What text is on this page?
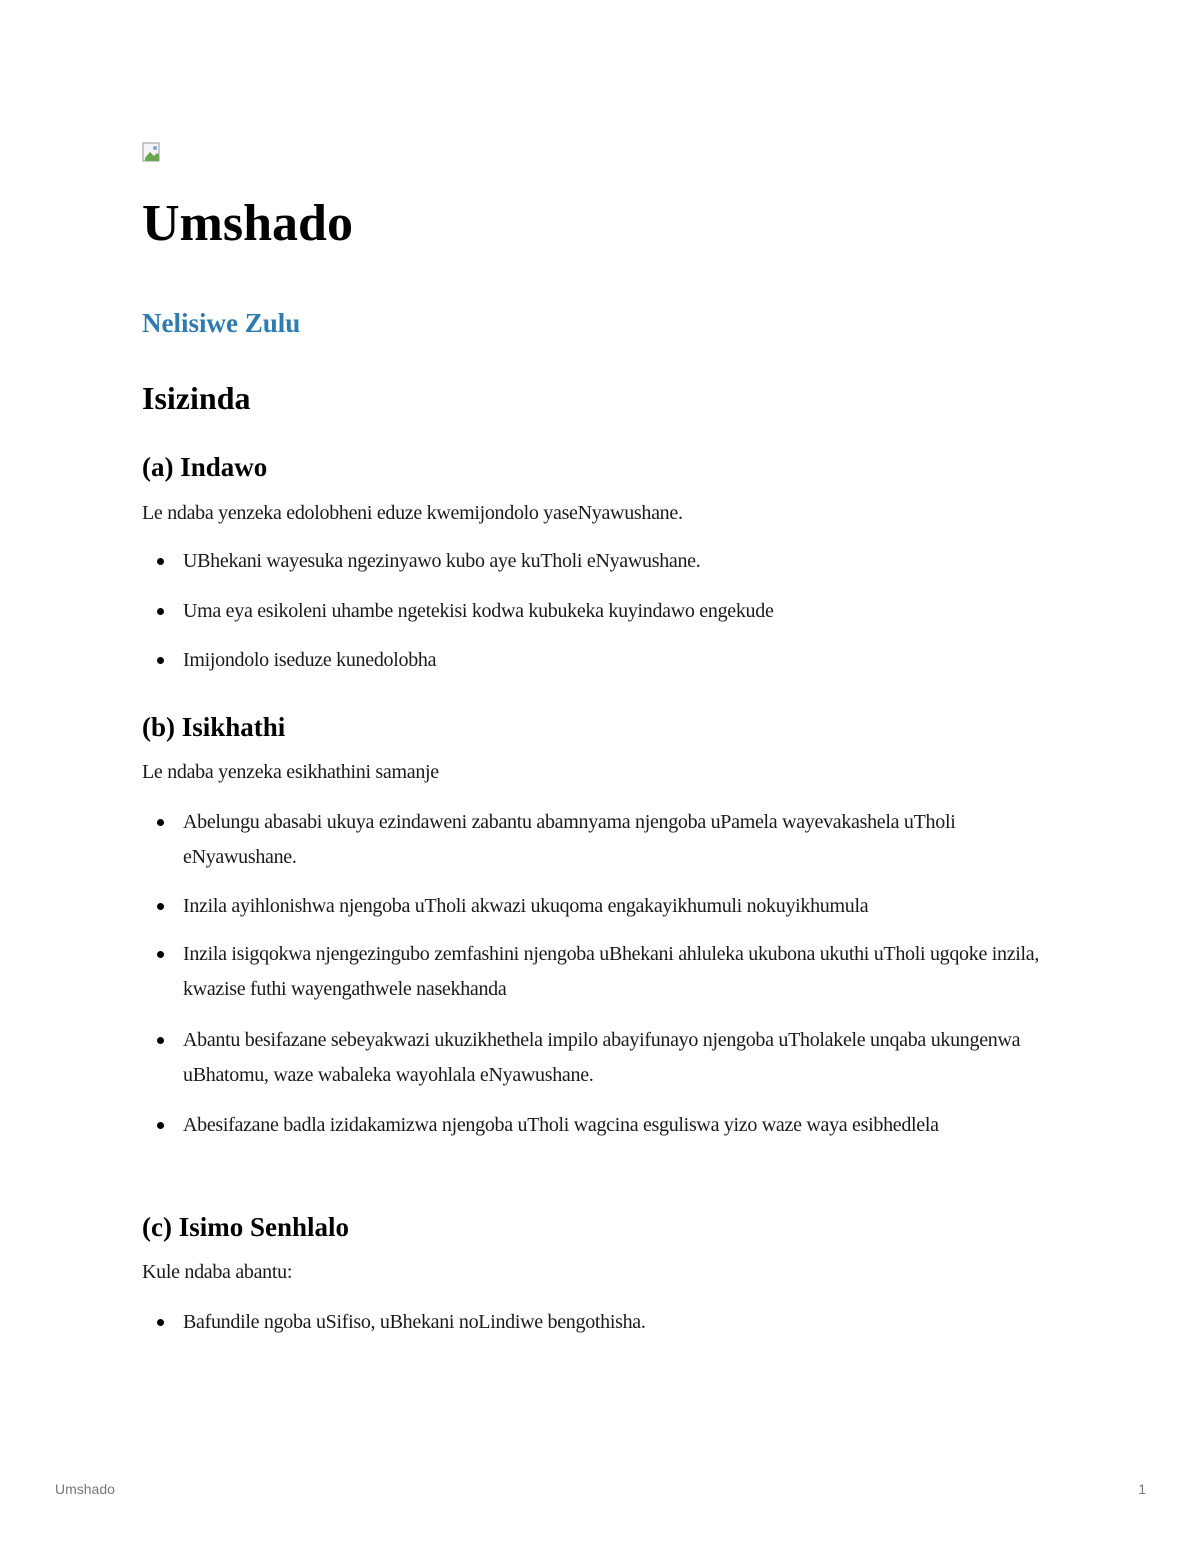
Umshado
Nelisiwe Zulu
Isizinda
(a) Indawo

Le ndaba yenzeka edolobheni eduze kwemijondolo yaseNyawushane.

UBhekani wayesuka ngezinyawo kubo aye kuTholi eNyawushane.

Uma eya esikoleni uhambe ngetekisi kodwa kubukeka kuyindawo engekude

Imijondolo iseduze kunedolobha

(b) Isikhathi

Le ndaba yenzeka esikhathini samanje

Abelungu abasabi ukuya ezindaweni zabantu abamnyama njengoba uPamela wayevakashela uTholi eNyawushane.

Inzila ayihlonishwa njengoba uTholi akwazi ukuqoma engakayikhumuli nokuyikhumula

Inzila isigqokwa njengezingubo zemfashini njengoba uBhekani ahluleka ukubona ukuthi uTholi ugqoke inzila, kwazise futhi wayengathwele nasekhanda

Abantu besifazane sebeyakwazi ukuzikhethela impilo abayifunayo njengoba uTholakele unqaba ukungenwa uBhatomu, waze wabaleka wayohlala eNyawushane.

Abesifazane badla izidakamizwa njengoba uTholi wagcina esguliswa yizo waze waya esibhedlela

(c) Isimo Senhlalo

Kule ndaba abantu:

Bafundile ngoba uSifiso, uBhekani noLindiwe bengothisha.

Umshado	1
